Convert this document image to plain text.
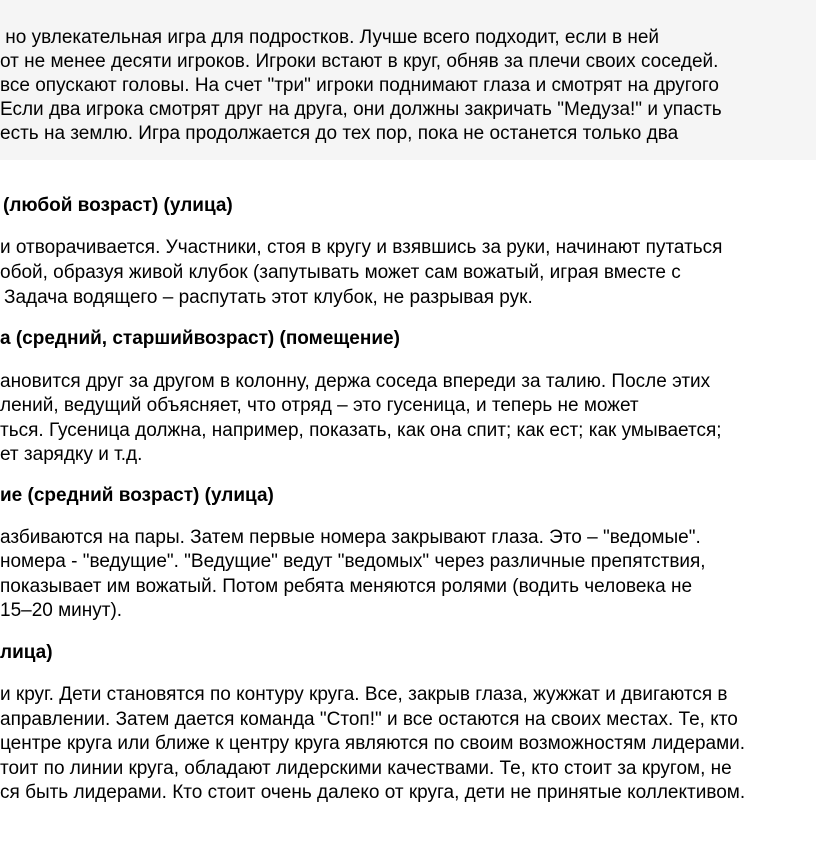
но увлекательная игра для подростков. Лучше всего подходит, если в ней
от не менее десяти игроков. Игроки встают в круг, обняв за плечи своих соседей.
все опускают головы. На счет "три" игроки поднимают глаза и смотрят на другого
Если два игрока смотрят друг на друга, они должны закричать "Медуза!" и упасть
есть на землю. Игра продолжается до тех пор, пока не останется только два
(любой возраст) (улица)
и отворачивается. Участники, стоя в кругу и взявшись за руки, начинают путаться
обой, образуя живой клубок (запутывать может сам вожатый, играя вместе с
Задача водящего – распутать этот клубок, не разрывая рук.
а (средний, старшийвозраст) (помещение)
ановится друг за другом в колонну, держа соседа впереди за талию. После этих
лений, ведущий объясняет, что отряд – это гусеница, и теперь не может
ться. Гусеница должна, например, показать, как она спит; как ест; как умывается;
ет зарядку и т.д.
ие (средний возраст) (улица)
азбиваются на пары. Затем первые номера закрывают глаза. Это – "ведомые".
номера - "ведущие". "Ведущие" ведут "ведомых" через различные препятствия,
показывает им вожатый. Потом ребята меняются ролями (водить человека не
15–20 минут).
лица)
и круг. Дети становятся по контуру круга. Все, закрыв глаза, жужжат и двигаются в
аправлении. Затем дается команда "Стоп!" и все остаются на своих местах. Те, кто
центре круга или ближе к центру круга являются по своим возможностям лидерами.
тоит по линии круга, обладают лидерскими качествами. Те, кто стоит за кругом, не
ся быть лидерами. Кто стоит очень далеко от круга, дети не принятые коллективом.
